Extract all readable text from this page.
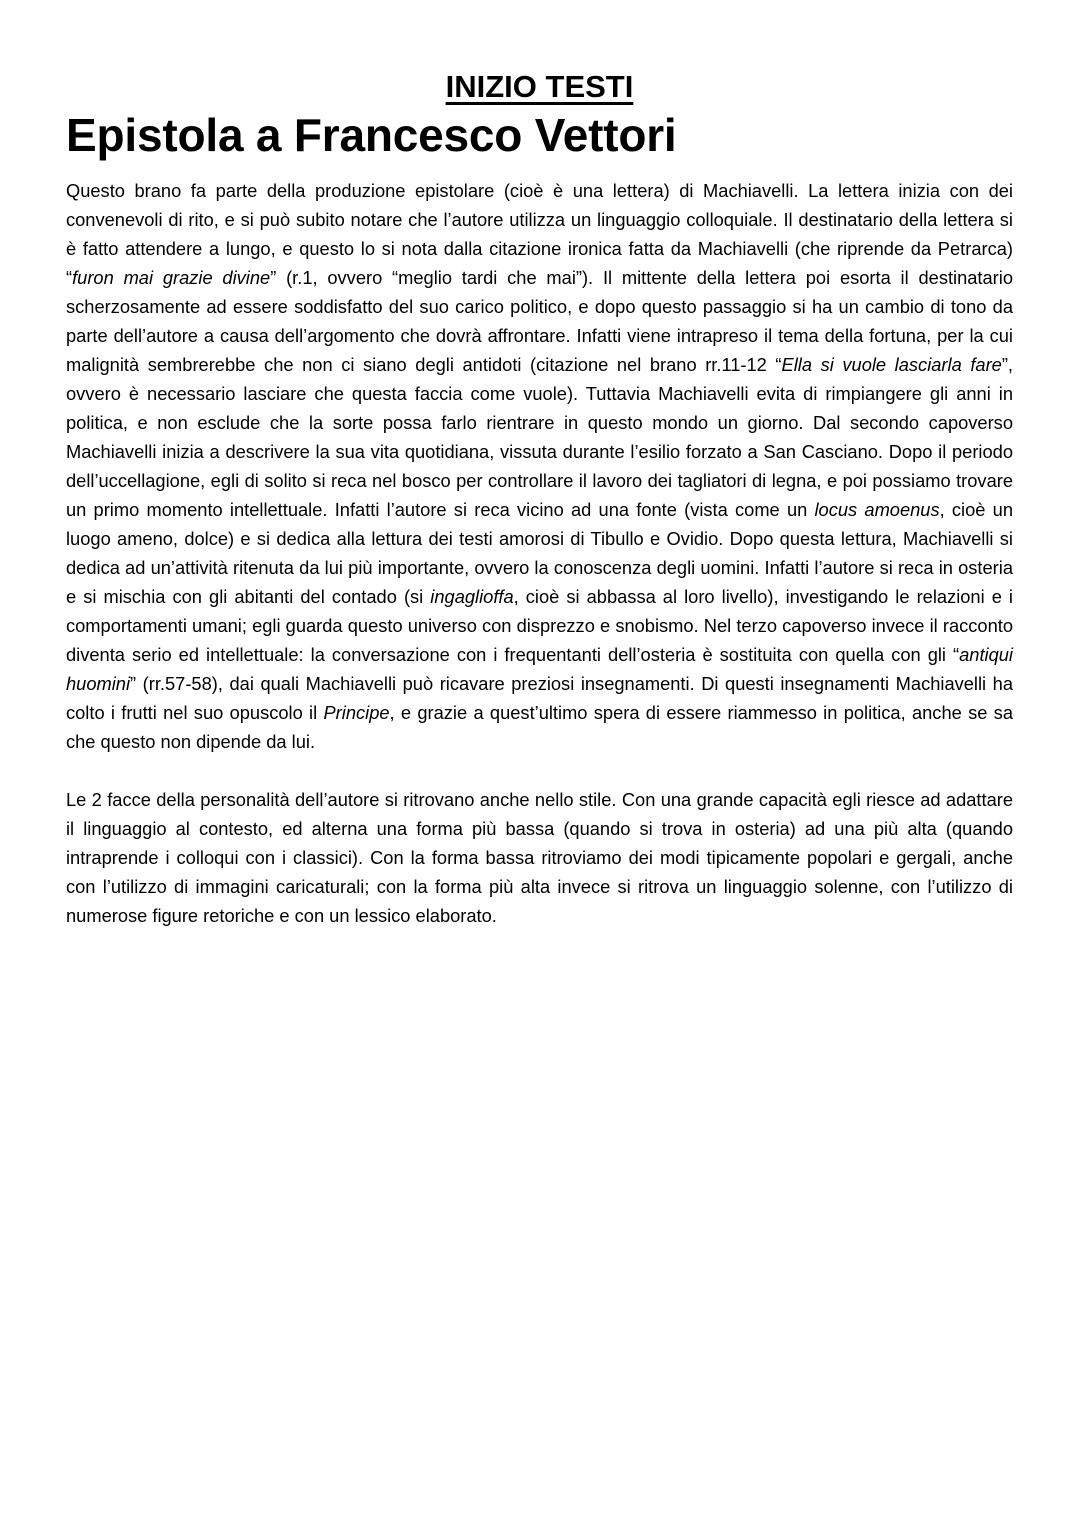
INIZIO TESTI
Epistola a Francesco Vettori

Questo brano fa parte della produzione epistolare (cioè è una lettera) di Machiavelli. La lettera inizia con dei convenevoli di rito, e si può subito notare che l’autore utilizza un linguaggio colloquiale. Il destinatario della lettera si è fatto attendere a lungo, e questo lo si nota dalla citazione ironica fatta da Machiavelli (che riprende da Petrarca) “furon mai grazie divine” (r.1, ovvero “meglio tardi che mai”). Il mittente della lettera poi esorta il destinatario scherzosamente ad essere soddisfatto del suo carico politico, e dopo questo passaggio si ha un cambio di tono da parte dell’autore a causa dell’argomento che dovrà affrontare. Infatti viene intrapreso il tema della fortuna, per la cui malignità sembrerebbe che non ci siano degli antidoti (citazione nel brano rr.11-12 “Ella si vuole lasciarla fare”, ovvero è necessario lasciare che questa faccia come vuole). Tuttavia Machiavelli evita di rimpiangere gli anni in politica, e non esclude che la sorte possa farlo rientrare in questo mondo un giorno. Dal secondo capoverso Machiavelli inizia a descrivere la sua vita quotidiana, vissuta durante l’esilio forzato a San Casciano. Dopo il periodo dell’uccellagione, egli di solito si reca nel bosco per controllare il lavoro dei tagliatori di legna, e poi possiamo trovare un primo momento intellettuale. Infatti l’autore si reca vicino ad una fonte (vista come un locus amoenus, cioè un luogo ameno, dolce) e si dedica alla lettura dei testi amorosi di Tibullo e Ovidio. Dopo questa lettura, Machiavelli si dedica ad un’attività ritenuta da lui più importante, ovvero la conoscenza degli uomini. Infatti l’autore si reca in osteria e si mischia con gli abitanti del contado (si ingaglioffa, cioè si abbassa al loro livello), investigando le relazioni e i comportamenti umani; egli guarda questo universo con disprezzo e snobismo. Nel terzo capoverso invece il racconto diventa serio ed intellettuale: la conversazione con i frequentanti dell’osteria è sostituita con quella con gli “antiqui huomini” (rr.57-58), dai quali Machiavelli può ricavare preziosi insegnamenti. Di questi insegnamenti Machiavelli ha colto i frutti nel suo opuscolo il Principe, e grazie a quest’ultimo spera di essere riammesso in politica, anche se sa che questo non dipende da lui.

Le 2 facce della personalità dell’autore si ritrovano anche nello stile. Con una grande capacità egli riesce ad adattare il linguaggio al contesto, ed alterna una forma più bassa (quando si trova in osteria) ad una più alta (quando intraprende i colloqui con i classici). Con la forma bassa ritroviamo dei modi tipicamente popolari e gergali, anche con l’utilizzo di immagini caricaturali; con la forma più alta invece si ritrova un linguaggio solenne, con l’utilizzo di numerose figure retoriche e con un lessico elaborato.
